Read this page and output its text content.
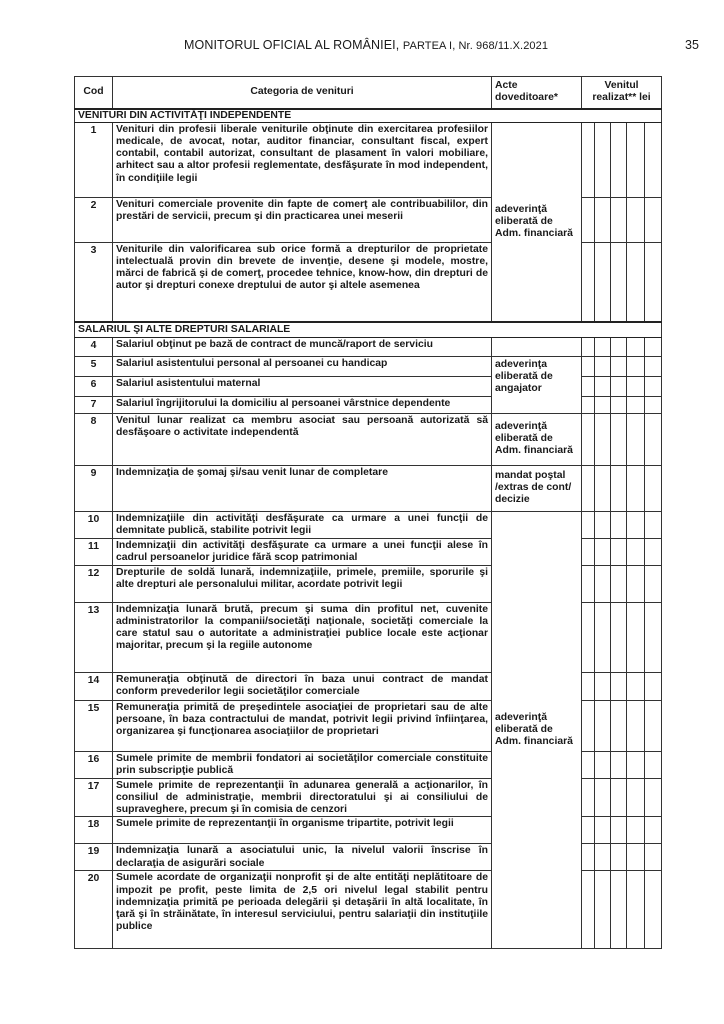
MONITORUL OFICIAL AL ROMÂNIEI, PARTEA I, Nr. 968/11.X.2021	35
Cod	Categoria de venituri	Acte doveditoare*	Venitul realizat** lei				
VENITURI DIN ACTIVITĂŢI INDEPENDENTE							
1	Venituri din profesii liberale veniturile obţinute din exercitarea profesiilor medicale, de avocat, notar, auditor financiar, consultant fiscal, expert contabil, contabil autorizat, consultant de plasament în valori mobiliare, arhitect sau a altor profesii reglementate, desfăşurate în mod independent, în condiţiile legii	adeverinţă eliberată de Adm. financiară					

2	Venituri comerciale provenite din fapte de comerţ ale contribuabililor, din prestări de servicii, precum şi din practicarea unei meserii						
3	Veniturile din valorificarea sub orice formă a drepturilor de proprietate intelectuală provin din brevete de invenţie, desene şi modele, mostre, mărci de fabrică şi de comerţ, procedee tehnice, know-how, din drepturi de autor şi drepturi conexe dreptului de autor şi altele asemenea						
SALARIUL ŞI ALTE DREPTURI SALARIALE							
4	Salariul obţinut pe bază de contract de muncă/raport de serviciu						
5	Salariul asistentului personal al persoanei cu handicap	adeverinţa eliberată de angajator					

6	Salariul asistentului maternal						
7	Salariul îngrijitorului la domiciliu al persoanei vârstnice dependente						
8	Venitul lunar realizat ca membru asociat sau persoană autorizată să desfăşoare o activitate independentă	adeverinţă eliberată de Adm. financiară					

9	Indemnizaţia de şomaj şi/sau venit lunar de completare	mandat poştal /extras de cont/ decizie					

10	Indemnizaţiile din activităţi desfăşurate ca urmare a unei funcţii de demnitate publică, stabilite potrivit legii	adeverinţă eliberată de Adm. financiară					

11	Indemnizaţii din activităţi desfăşurate ca urmare a unei funcţii alese în cadrul persoanelor juridice fără scop patrimonial						
12	Drepturile de soldă lunară, indemnizaţiile, primele, premiile, sporurile şi alte drepturi ale personalului militar, acordate potrivit legii						
13	Indemnizaţia lunară brută, precum şi suma din profitul net, cuvenite administratorilor la companii/societăţi naţionale, societăţi comerciale la care statul sau o autoritate a administraţiei publice locale este acţionar majoritar, precum şi la regiile autonome						
14	Remuneraţia obţinută de directori în baza unui contract de mandat conform prevederilor legii societăţilor comerciale						
15	Remuneraţia primită de preşedintele asociaţiei de proprietari sau de alte persoane, în baza contractului de mandat, potrivit legii privind înfiinţarea, organizarea şi funcţionarea asociaţiilor de proprietari						
16	Sumele primite de membrii fondatori ai societăţilor comerciale constituite prin subscripţie publică						
17	Sumele primite de reprezentanţii în adunarea generală a acţionarilor, în consiliul de administraţie, membrii directoratului şi ai consiliului de supraveghere, precum şi în comisia de cenzori						
18	Sumele primite de reprezentanţii în organisme tripartite, potrivit legii						
19	Indemnizaţia lunară a asociatului unic, la nivelul valorii înscrise în declaraţia de asigurări sociale						
20	Sumele acordate de organizaţii nonprofit şi de alte entităţi neplătitoare de impozit pe profit, peste limita de 2,5 ori nivelul legal stabilit pentru indemnizaţia primită pe perioada delegării şi detaşării în altă localitate, în ţară şi în străinătate, în interesul serviciului, pentru salariaţii din instituţiile publice						
